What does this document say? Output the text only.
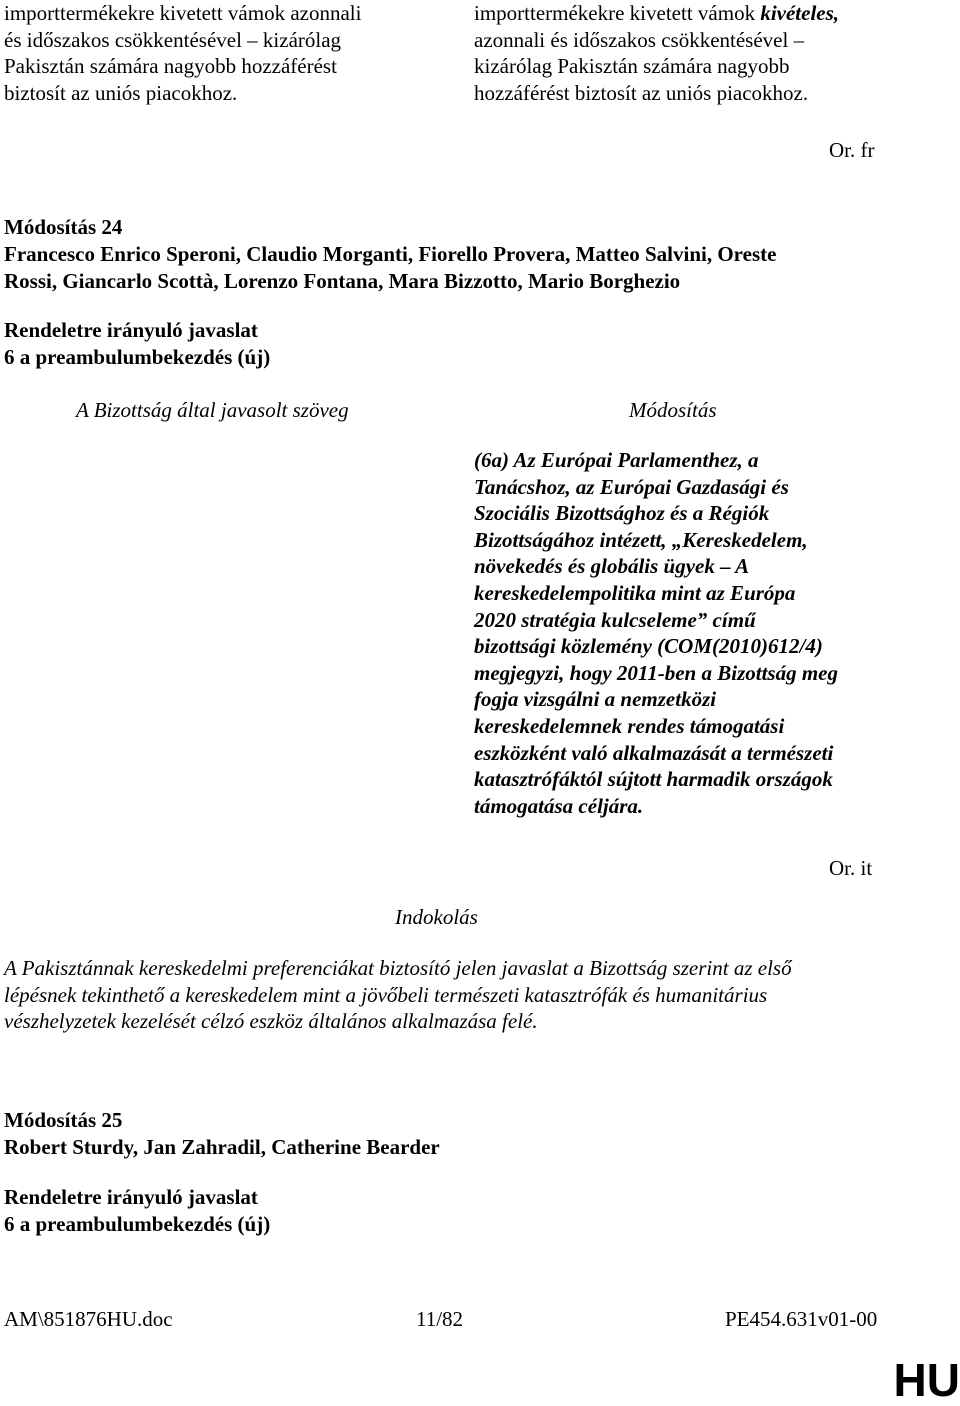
importtermékekre kivetett vámok azonnali
és időszakos csökkentésével – kizárólag
Pakisztán számára nagyobb hozzáférést
biztosít az uniós piacokhoz.
importtermékekre kivetett vámok kivételes,
azonnali és időszakos csökkentésével –
kizárólag Pakisztán számára nagyobb
hozzáférést biztosít az uniós piacokhoz.
Or. fr
Módosítás 24
Francesco Enrico Speroni, Claudio Morganti, Fiorello Provera, Matteo Salvini, Oreste
Rossi, Giancarlo Scottà, Lorenzo Fontana, Mara Bizzotto, Mario Borghezio
Rendeletre irányuló javaslat
6 a preambulumbekezdés (új)
A Bizottság által javasolt szöveg	Módosítás
(6a) Az Európai Parlamenthez, a
Tanácshoz, az Európai Gazdasági és
Szociális Bizottsághoz és a Régiók
Bizottságához intézett, „Kereskedelem,
növekedés és globális ügyek – A
kereskedelempolitika mint az Európa
2020 stratégia kulcseleme” című
bizottsági közlemény (COM(2010)612/4)
megjegyzi, hogy 2011-ben a Bizottság meg
fogja vizsgálni a nemzetközi
kereskedelemnek rendes támogatási
eszközként való alkalmazását a természeti
katasztrófáktól sújtott harmadik országok
támogatása céljára.
Or. it
Indokolás
A Pakisztánnak kereskedelmi preferenciákat biztosító jelen javaslat a Bizottság szerint az első
lépésnek tekinthető a kereskedelem mint a jövőbeli természeti katasztrófák és humanitárius
vészhelyzetek kezelését célzó eszköz általános alkalmazása felé.
Módosítás 25
Robert Sturdy, Jan Zahradil, Catherine Bearder
Rendeletre irányuló javaslat
6 a preambulumbekezdés (új)
AM\851876HU.doc	11/82	PE454.631v01-00
HU
